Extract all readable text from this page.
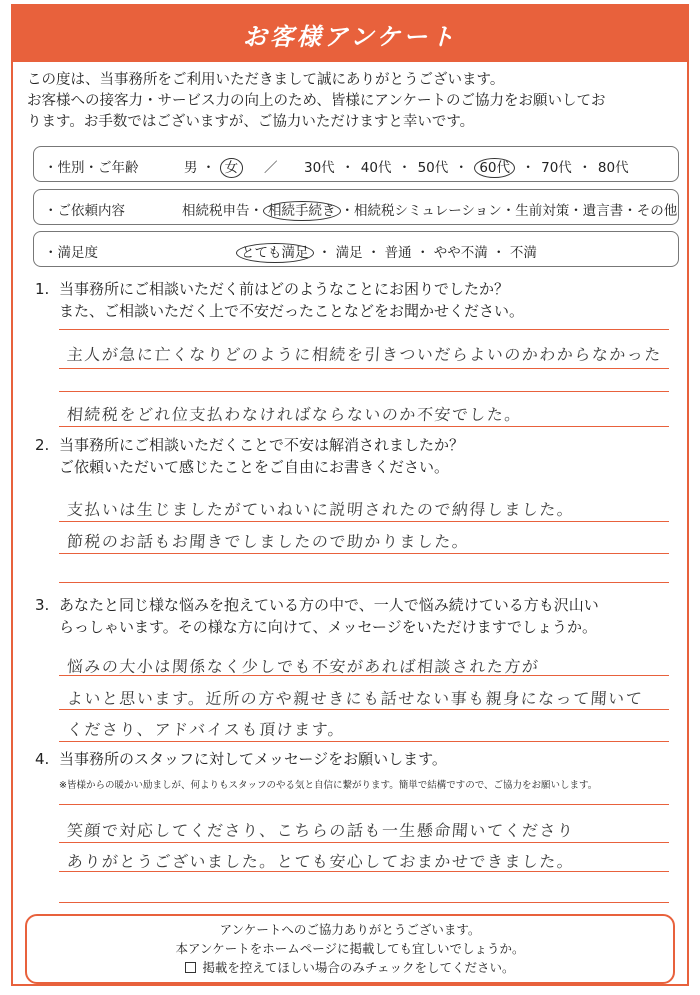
お客様アンケート
この度は、当事務所をご利用いただきまして誠にありがとうございます。
お客様への接客力・サービス力の向上のため、皆様にアンケートのご協力をお願いしてお
ります。お手数ではございますが、ご協力いただけますと幸いです。
・性別・ご年齢	男 ・ 女	／ 30代 ・ 40代 ・ 50代 ・ 60代 ・ 70代 ・ 80代
・ご依頼内容	相続税申告・ 相続手続き ・相続税シミュレーション・生前対策・遺言書・その他
・満足度	とても満足 ・ 満足 ・ 普通 ・ やや不満 ・ 不満
1. 当事務所にご相談いただく前はどのようなことにお困りでしたか？
また、ご相談いただく上で不安だったことなどをお聞かせください。
主人が急に亡くなりどのように相続を引きついだらよいのかわからなかった
相続税をどれ位支払わなければならないのか不安でした。
2. 当事務所にご相談いただくことで不安は解消されましたか？
ご依頼いただいて感じたことをご自由にお書きください。
支払いは生じましたがていねいに説明されたので納得しました。
節税のお話もお聞きでしましたので助かりました。
3. あなたと同じ様な悩みを抱えている方の中で、一人で悩み続けている方も沢山い
らっしゃいます。その様な方に向けて、メッセージをいただけますでしょうか。
悩みの大小は関係なく少しでも不安があれば相談された方が
よいと思います。近所の方や親せきにも話せない事も親身になって聞いて
くださり、アドバイスも頂けます。
4. 当事務所のスタッフに対してメッセージをお願いします。
※皆様からの暖かい励ましが、何よりもスタッフのやる気と自信に繋がります。簡単で結構ですので、ご協力をお願いします。
笑顔で対応してくださり、こちらの話も一生懸命聞いてくださり
ありがとうございました。とても安心しておまかせできました。
アンケートへのご協力ありがとうございます。
本アンケートをホームページに掲載しても宜しいでしょうか。
掲載を控えてほしい場合のみチェックをしてください。
